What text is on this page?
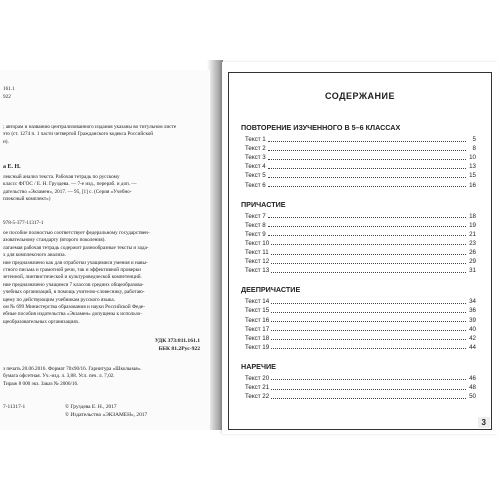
161.1

922

; авторам и названию централизованного издания указаны во титульном листе
это (ст. 1274 п. 1 части четвертой Гражданского кодекса Российской
н).

а Е. Н.

лексный анализ текста. Рабочая тетрадь по русскому
классс ФГОС / Е. Н. Груздева. — 7-е изд., перераб. и доп. —
дательство «Экзамен», 2017. — 95, [1] с. (Серия «Учебно-
плексный комплект»)

978-5-377-11317-1

ое пособие полностью соответствует федеральному государствен-
азовательному стандарту (второго поколения).
лагаемая рабочая тетрадь содержит разнообразные тексты и зада-
х для комплексного анализа.
ние предназначено как для отработки учащимися умения и навы-
стного письма и грамотной речи, так и эффективной проверки
зетенной, лингвистической и культуроведческой компетенций.
ние предназначено учащимся 7 классов средних общеобразова-
учебных организаций, в помощь учителю-словеснику, работаю-
щему по действующим учебникам русского языка.
ом № 699 Министерства образования и науки Российской Феде-
ебные пособия издательства «Экзамен» допущены к использо-
щеобразовательных организациях.

УДК 373:811.161.1

ББК 81.2Рус-922

з печать 20.06.2016. Формат 70х90/16. Гарнитура «Школьная».
бумага офсетная. Уч.-изд. л. 3,88. Усл. печ. л. 7,02.
Тираж 8 000 экз. Заказ № 2006/16.

7-11317-1	© Груздева Е. Н., 2017

© Издательство «ЭКЗАМЕН», 2017

СОДЕРЖАНИЕ
ПОВТОРЕНИЕ ИЗУЧЕННОГО В 5–6 КЛАССАХ
Текст 1	5
Текст 2	8
Текст 3	10
Текст 4	13
Текст 5	15
Текст 6	16
ПРИЧАСТИЕ
Текст 7	18
Текст 8	19
Текст 9	21
Текст 10	23
Текст 11	26
Текст 12	29
Текст 13	31
ДЕЕПРИЧАСТИЕ
Текст 14	34
Текст 15	36
Текст 16	39
Текст 17	40
Текст 18	42
Текст 19	44
НАРЕЧИЕ
Текст 20	46
Текст 21	48
Текст 22	50
3
